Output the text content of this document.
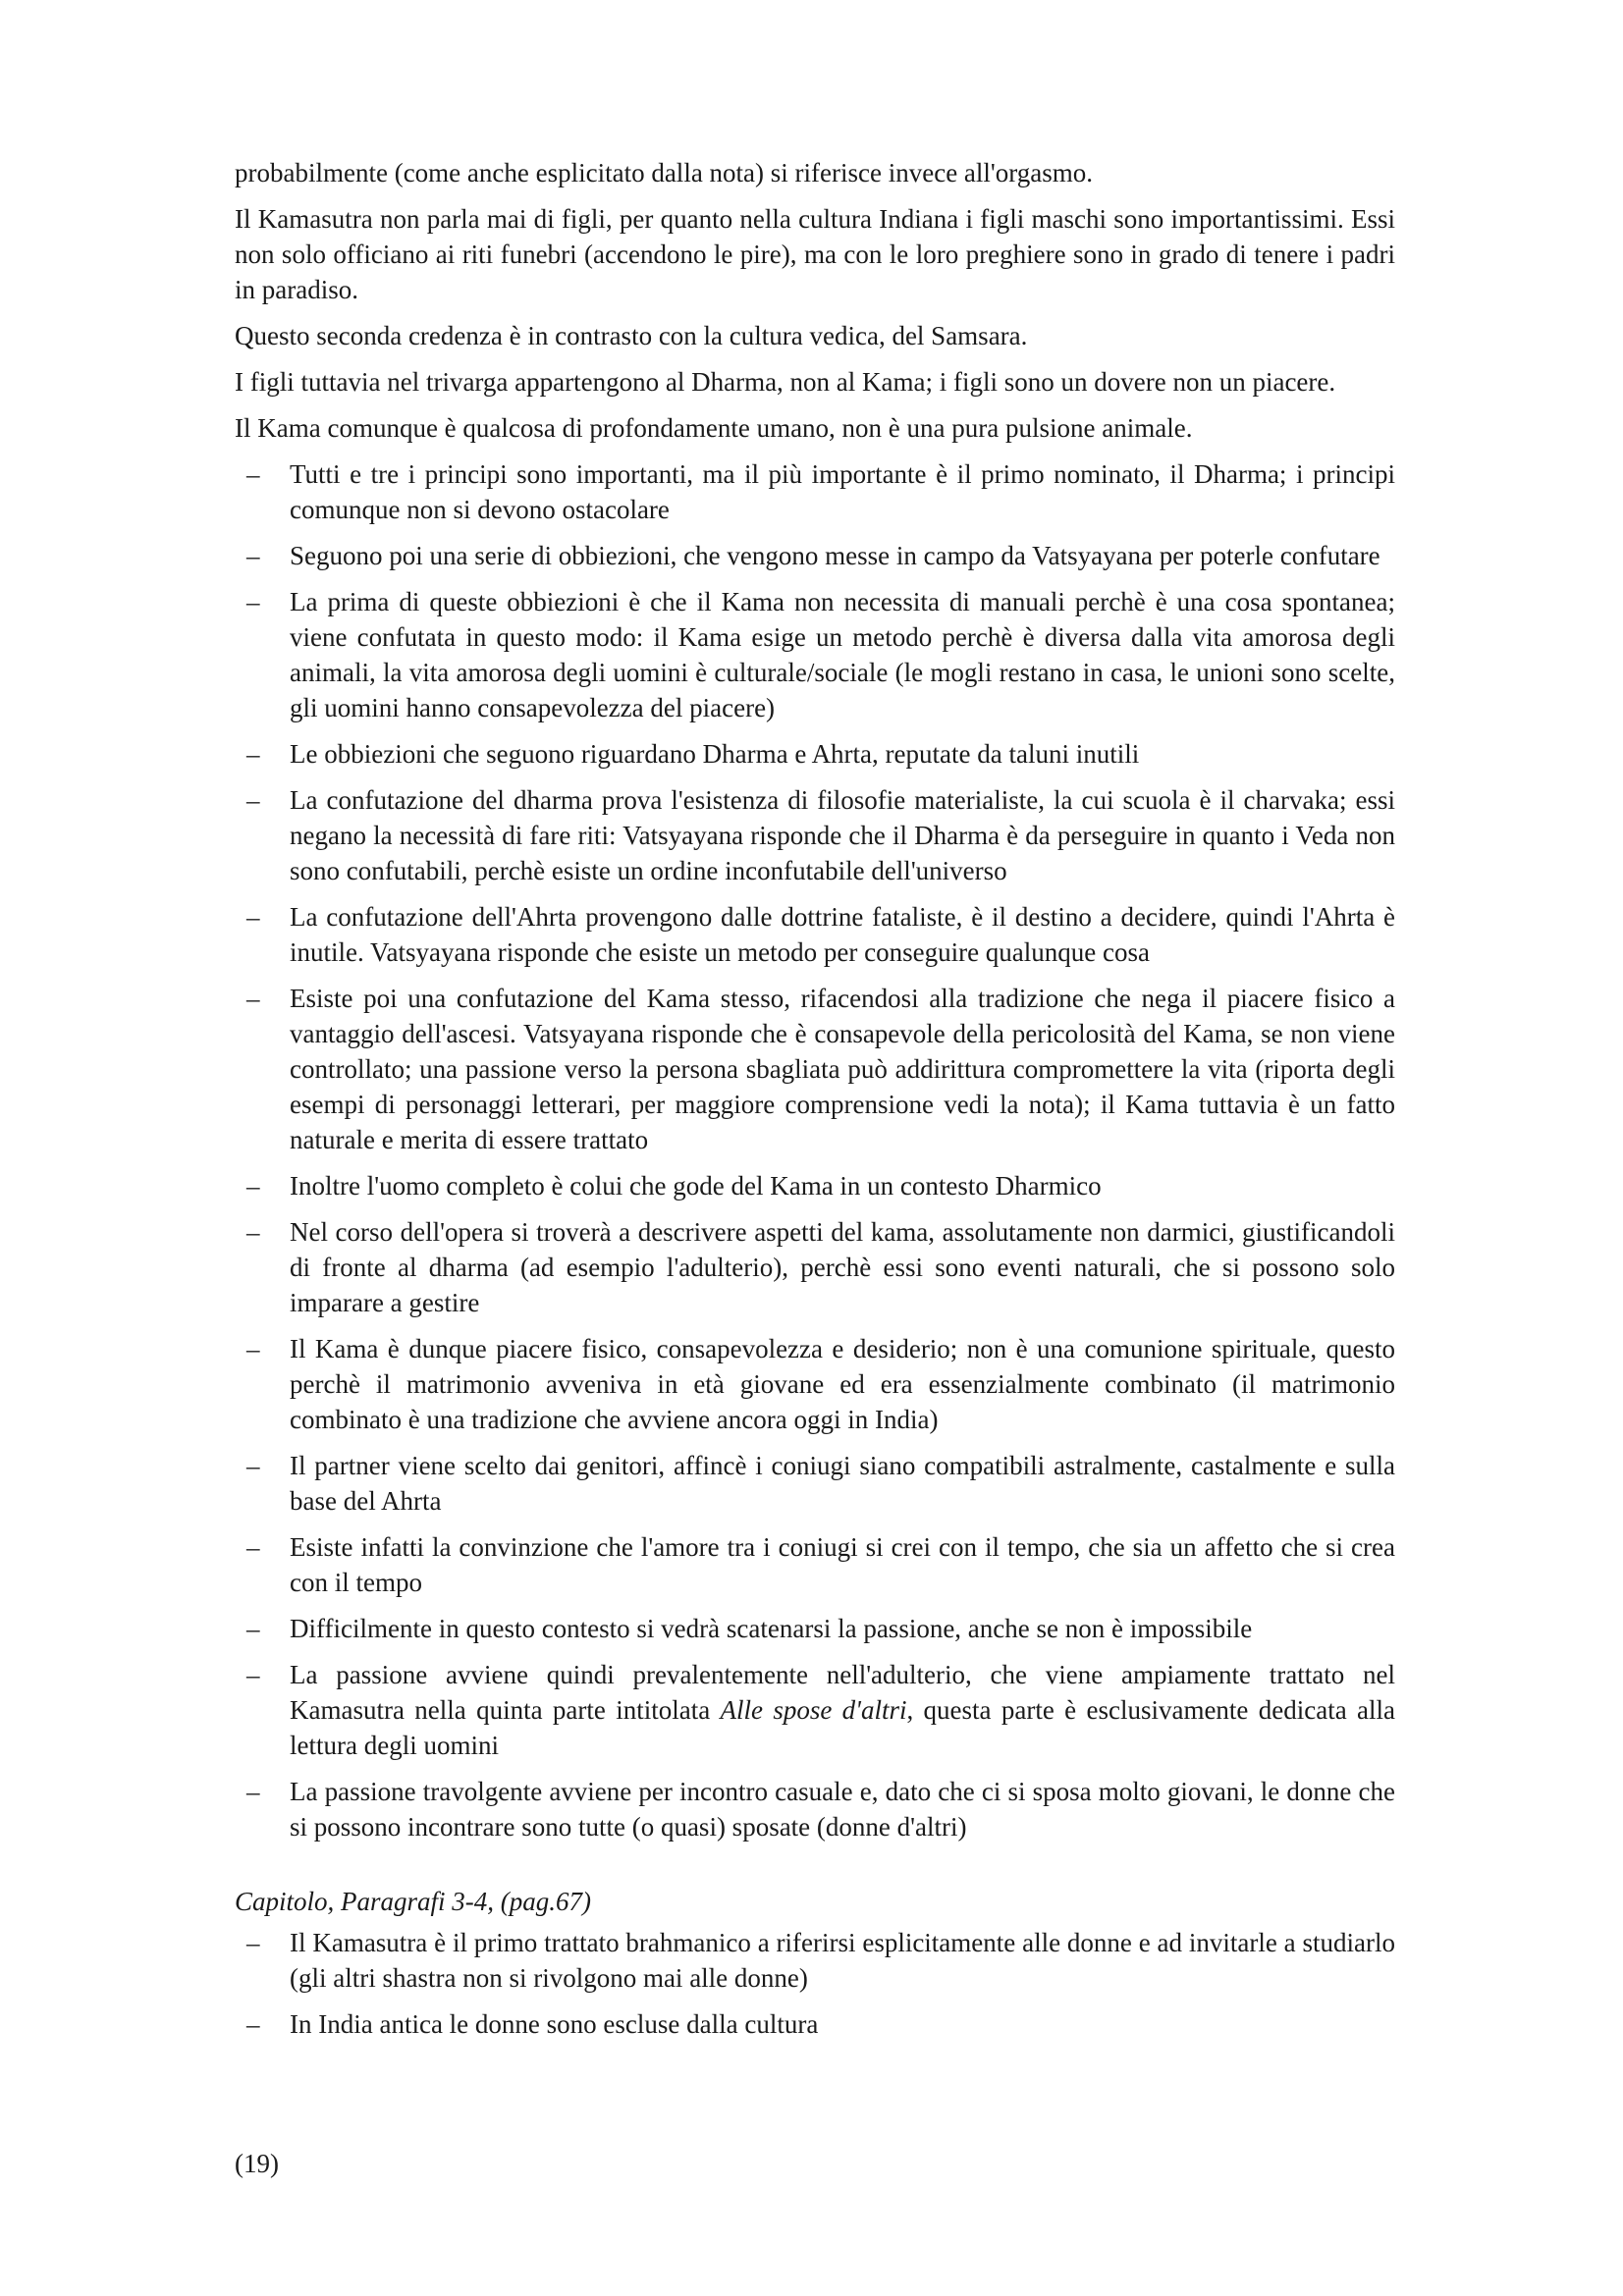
probabilmente (come anche esplicitato dalla nota) si riferisce invece all'orgasmo.

Il Kamasutra non parla mai di figli, per quanto nella cultura Indiana i figli maschi sono importantissimi. Essi non solo officiano ai riti funebri (accendono le pire), ma con le loro preghiere sono in grado di tenere i padri in paradiso.

Questo seconda credenza è in contrasto con la cultura vedica, del Samsara.

I figli tuttavia nel trivarga appartengono al Dharma, non al Kama; i figli sono un dovere non un piacere.

Il Kama comunque è qualcosa di profondamente umano, non è una pura pulsione animale.

– Tutti e tre i principi sono importanti, ma il più importante è il primo nominato, il Dharma; i principi comunque non si devono ostacolare
– Seguono poi una serie di obbiezioni, che vengono messe in campo da Vatsyayana per poterle confutare
– La prima di queste obbiezioni è che il Kama non necessita di manuali perchè è una cosa spontanea; viene confutata in questo modo: il Kama esige un metodo perchè è diversa dalla vita amorosa degli animali, la vita amorosa degli uomini è culturale/sociale (le mogli restano in casa, le unioni sono scelte, gli uomini hanno consapevolezza del piacere)
– Le obbiezioni che seguono riguardano Dharma e Ahrta, reputate da taluni inutili
– La confutazione del dharma prova l'esistenza di filosofie materialiste, la cui scuola è il charvaka; essi negano la necessità di fare riti: Vatsyayana risponde che il Dharma è da perseguire in quanto i Veda non sono confutabili, perchè esiste un ordine inconfutabile dell'universo
– La confutazione dell'Ahrta provengono dalle dottrine fataliste, è il destino a decidere, quindi l'Ahrta è inutile. Vatsyayana risponde che esiste un metodo per conseguire qualunque cosa
– Esiste poi una confutazione del Kama stesso, rifacendosi alla tradizione che nega il piacere fisico a vantaggio dell'ascesi. Vatsyayana risponde che è consapevole della pericolosità del Kama, se non viene controllato; una passione verso la persona sbagliata può addirittura compromettere la vita (riporta degli esempi di personaggi letterari, per maggiore comprensione vedi la nota); il Kama tuttavia è un fatto naturale e merita di essere trattato
– Inoltre l'uomo completo è colui che gode del Kama in un contesto Dharmico
– Nel corso dell'opera si troverà a descrivere aspetti del kama, assolutamente non darmici, giustificandoli di fronte al dharma (ad esempio l'adulterio), perchè essi sono eventi naturali, che si possono solo imparare a gestire
– Il Kama è dunque piacere fisico, consapevolezza e desiderio; non è una comunione spirituale, questo perchè il matrimonio avveniva in età giovane ed era essenzialmente combinato (il matrimonio combinato è una tradizione che avviene ancora oggi in India)
– Il partner viene scelto dai genitori, affincè i coniugi siano compatibili astralmente, castalmente e sulla base del Ahrta
– Esiste infatti la convinzione che l'amore tra i coniugi si crei con il tempo, che sia un affetto che si crea con il tempo
– Difficilmente in questo contesto si vedrà scatenarsi la passione, anche se non è impossibile
– La passione avviene quindi prevalentemente nell'adulterio, che viene ampiamente trattato nel Kamasutra nella quinta parte intitolata Alle spose d'altri, questa parte è esclusivamente dedicata alla lettura degli uomini
– La passione travolgente avviene per incontro casuale e, dato che ci si sposa molto giovani, le donne che si possono incontrare sono tutte (o quasi) sposate (donne d'altri)

Capitolo, Paragrafi 3-4, (pag.67)

– Il Kamasutra è il primo trattato brahmanico a riferirsi esplicitamente alle donne e ad invitarle a studiarlo (gli altri shastra non si rivolgono mai alle donne)
– In India antica le donne sono escluse dalla cultura
(19)
